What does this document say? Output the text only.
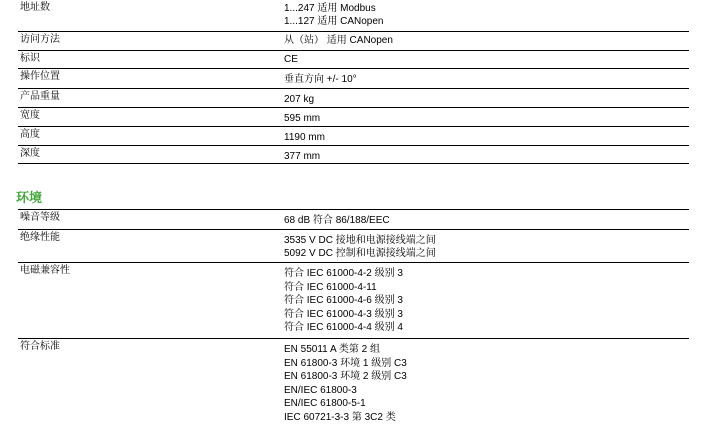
地址数	1...247 适用 Modbus
1...127 适用 CANopen
访问方法	从（站） 适用 CANopen
标识	CE
操作位置	垂直方向 +/- 10°
产品重量	207 kg
宽度	595 mm
高度	1190 mm
深度	377 mm
环境
噪音等级	68 dB 符合 86/188/EEC
绝缘性能	3535 V DC 接地和电源接线端之间
5092 V DC 控制和电源接线端之间
电磁兼容性	符合 IEC 61000-4-2 级别 3
符合 IEC 61000-4-11
符合 IEC 61000-4-6 级别 3
符合 IEC 61000-4-3 级别 3
符合 IEC 61000-4-4 级别 4
符合标准	EN 55011 A 类第 2 组
EN 61800-3 环境 1 级别 C3
EN 61800-3 环境 2 级别 C3
EN/IEC 61800-3
EN/IEC 61800-5-1
IEC 60721-3-3 第 3C2 类
